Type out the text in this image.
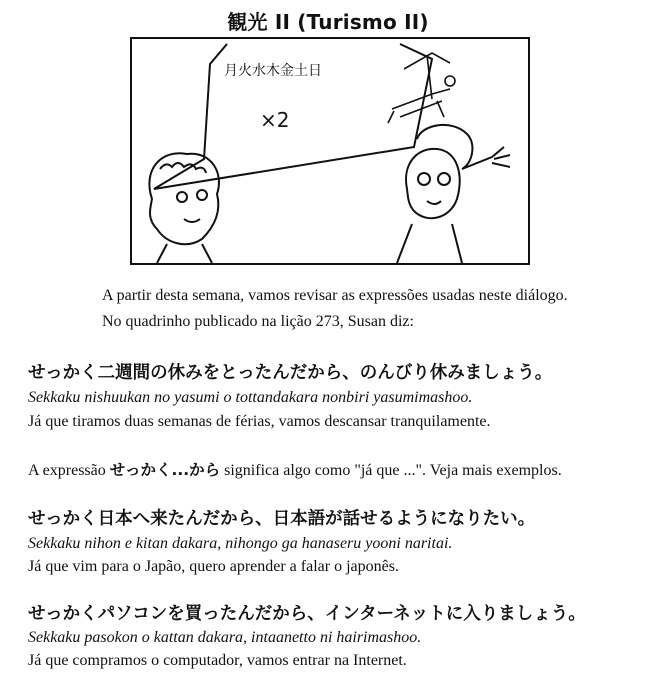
観光 II (Turismo II)
月火水木金土日
×2
A partir desta semana, vamos revisar as expressões usadas neste diálogo.
No quadrinho publicado na lição 273, Susan diz:
せっかく二週間の休みをとったんだから、のんびり休みましょう。
Sekkaku nishuukan no yasumi o tottandakara nonbiri yasumimashoo.
Já que tiramos duas semanas de férias, vamos descansar tranquilamente.
A expressão せっかく...から significa algo como "já que ...". Veja mais exemplos.
せっかく日本へ来たんだから、日本語が話せるようになりたい。
Sekkaku nihon e kitan dakara, nihongo ga hanaseru yooni naritai.
Já que vim para o Japão, quero aprender a falar o japonês.
せっかくパソコンを買ったんだから、インターネットに入りましょう。
Sekkaku pasokon o kattan dakara, intaanetto ni hairimashoo.
Já que compramos o computador, vamos entrar na Internet.
